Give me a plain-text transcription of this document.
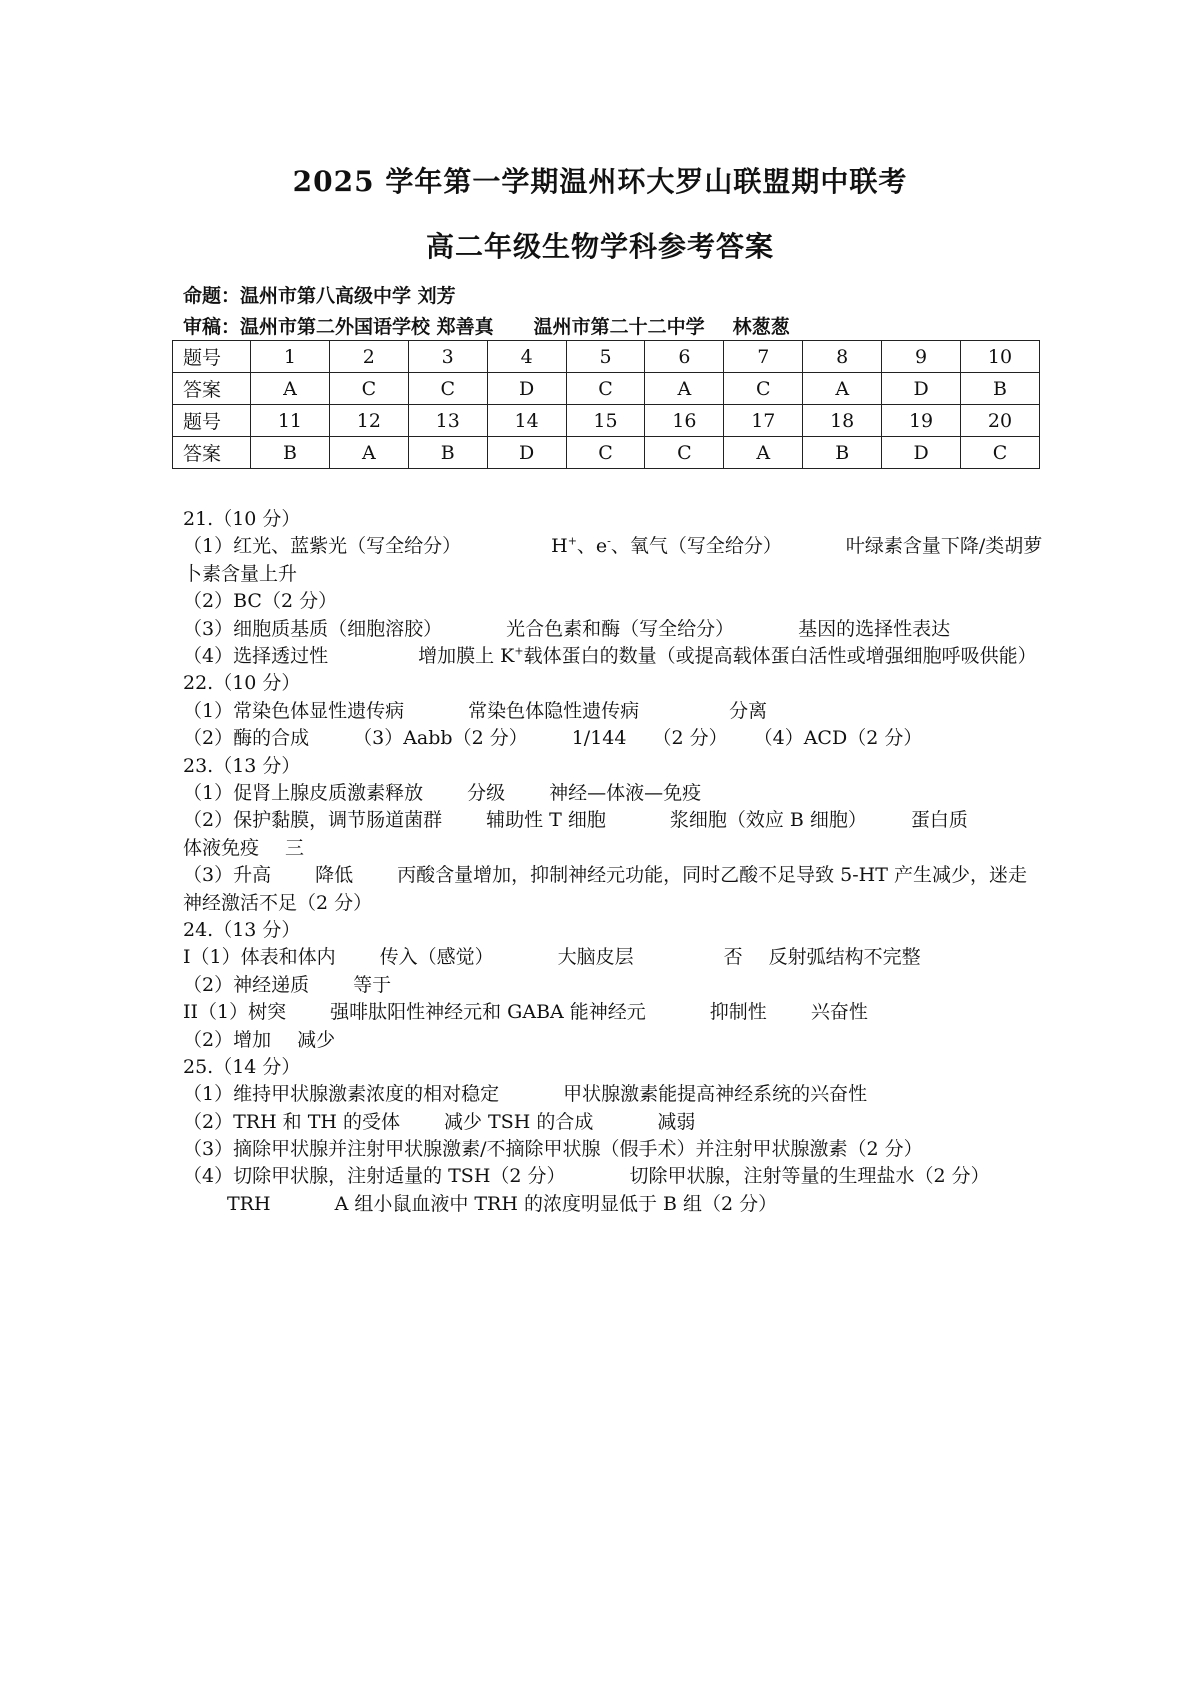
2025 学年第一学期温州环大罗山联盟期中联考
高二年级生物学科参考答案
命题：温州市第八高级中学 刘芳
审稿：温州市第二外国语学校 郑善真 温州市第二十二中学 林葱葱
题号	1	2	3	4	5	6	7	8	9	10
答案	A	C	C	D	C	A	C	A	D	B
题号	11	12	13	14	15	16	17	18	19	20
答案	B	A	B	D	C	C	A	B	D	C
21.（10 分）
（1）红光、蓝紫光（写全给分）	H+、e-、氧气（写全给分）	叶绿素含量下降/类胡萝卜素含量上升
（2）BC（2 分）
（3）细胞质基质（细胞溶胶）	光合色素和酶（写全给分）	基因的选择性表达
（4）选择透过性	增加膜上 K+载体蛋白的数量（或提高载体蛋白活性或增强细胞呼吸供能）
22.（10 分）
（1）常染色体显性遗传病	常染色体隐性遗传病	分离
（2）酶的合成 （3）Aabb（2 分） 1/144 （2 分） （4）ACD（2 分）
23.（13 分）
（1）促肾上腺皮质激素释放 分级 神经—体液—免疫
（2）保护黏膜，调节肠道菌群 辅助性 T 细胞	浆细胞（效应 B 细胞） 蛋白质
体液免疫 三
（3）升高 降低 丙酸含量增加，抑制神经元功能，同时乙酸不足导致 5-HT 产生减少，迷走神经激活不足（2 分）
24.（13 分）
I（1）体表和体内 传入（感觉）	大脑皮层	否 反射弧结构不完整
（2）神经递质 等于
II（1）树突 强啡肽阳性神经元和 GABA 能神经元	抑制性 兴奋性
（2）增加 减少
25.（14 分）
（1）维持甲状腺激素浓度的相对稳定	甲状腺激素能提高神经系统的兴奋性
（2）TRH 和 TH 的受体 减少 TSH 的合成	减弱
（3）摘除甲状腺并注射甲状腺激素/不摘除甲状腺（假手术）并注射甲状腺激素（2 分）
（4）切除甲状腺，注射适量的 TSH（2 分）	切除甲状腺，注射等量的生理盐水（2 分）
TRH	A 组小鼠血液中 TRH 的浓度明显低于 B 组（2 分）
